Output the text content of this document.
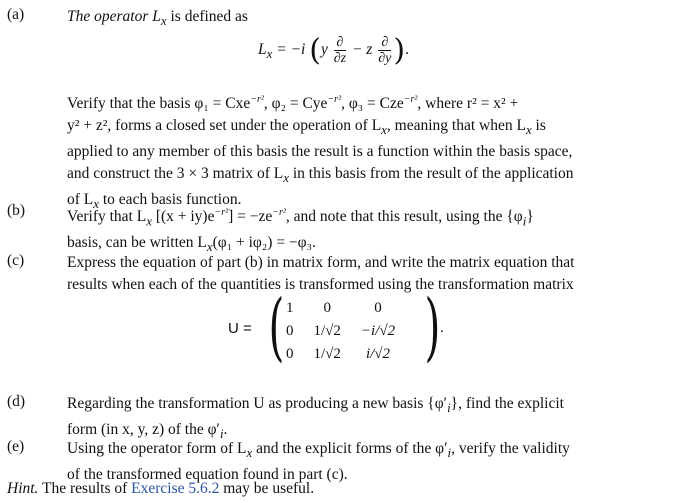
(a)	The operator $L_x$ is defined as
$L_x = -i$ ($y \frac{\partial}{\partial z} - z \frac{\partial}{\partial y}$ ).
Verify that the basis φ₁ = Cxe$^{-r^2}$, φ₂ = Cye$^{-r^2}$, φ₃ = Cze$^{-r^2}$, where r² = x² +
y² + z², forms a closed set under the operation of $L_x$, meaning that when $L_x$ is
applied to any member of this basis the result is a function within the basis space,
and construct the 3 × 3 matrix of $L_x$ in this basis from the result of the application
of $L_x$ to each basis function.
(b)	Verify that $L_x$ $[(x + iy)e^{-r^2}] = -ze^{-r^2}$, and note that this result, using the $\{\varphi_i\}$
basis, can be written $L_x(\varphi_1 + i\varphi_2) = -\varphi_3$.
(c)	Express the equation of part (b) in matrix form, and write the matrix equation that
results when each of the quantities is transformed using the transformation matrix
U = ( 1	0	0
0	1/√2	−i/√2
0	1/√2	i/√2 ) .
(d)	Regarding the transformation U as producing a new basis $\{\varphi'_i\}$, find the explicit
form (in x, y, z) of the $\varphi'_i$.
(e)	Using the operator form of $L_x$ and the explicit forms of the $\varphi'_i$, verify the validity
of the transformed equation found in part (c).
Hint. The results of Exercise 5.6.2 may be useful.
